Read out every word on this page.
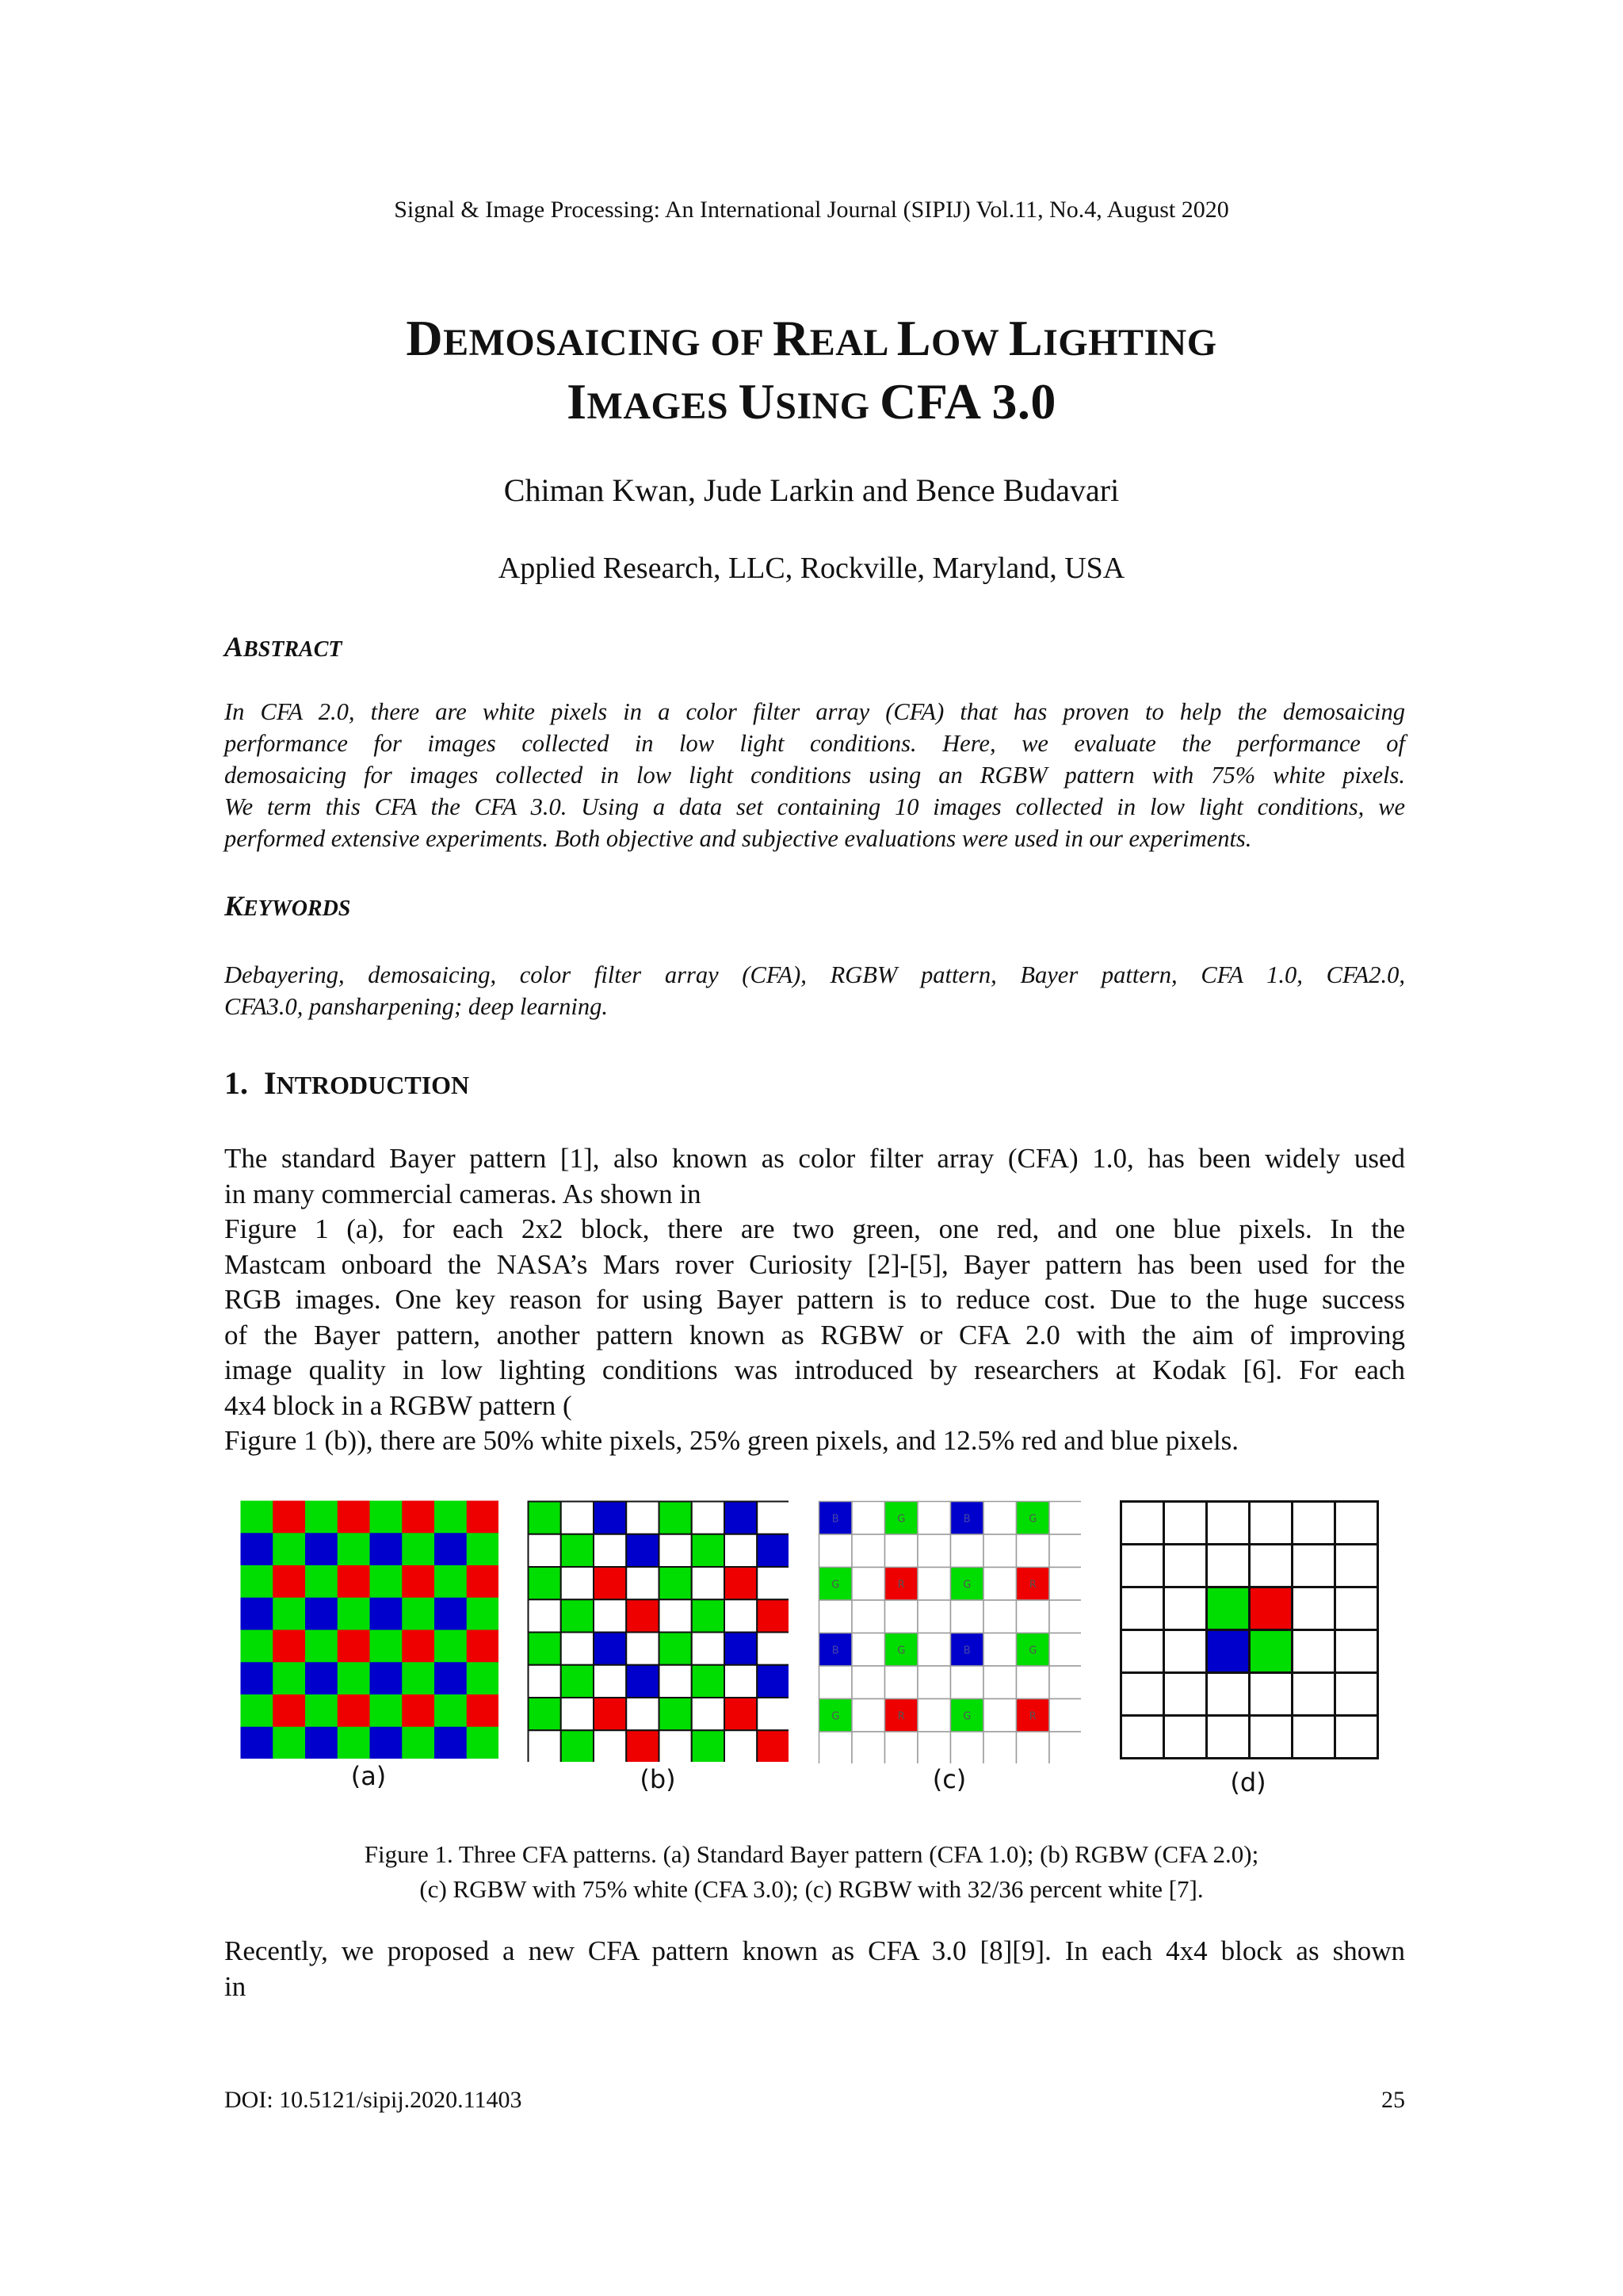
Signal & Image Processing: An International Journal (SIPIJ) Vol.11, No.4, August 2020
DEMOSAICING OF REAL LOW LIGHTING
IMAGES USING CFA 3.0
Chiman Kwan, Jude Larkin and Bence Budavari
Applied Research, LLC, Rockville, Maryland, USA
ABSTRACT
In CFA 2.0, there are white pixels in a color filter array (CFA) that has proven to help the demosaicing
performance for images collected in low light conditions. Here, we evaluate the performance of
demosaicing for images collected in low light conditions using an RGBW pattern with 75% white pixels.
We term this CFA the CFA 3.0. Using a data set containing 10 images collected in low light conditions, we
performed extensive experiments. Both objective and subjective evaluations were used in our experiments.
KEYWORDS
Debayering, demosaicing, color filter array (CFA), RGBW pattern, Bayer pattern, CFA 1.0, CFA2.0,
CFA3.0, pansharpening; deep learning.
1. INTRODUCTION
The standard Bayer pattern [1], also known as color filter array (CFA) 1.0, has been widely used
in many commercial cameras. As shown in
Figure 1 (a), for each 2x2 block, there are two green, one red, and one blue pixels. In the
Mastcam onboard the NASA’s Mars rover Curiosity [2]-[5], Bayer pattern has been used for the
RGB images. One key reason for using Bayer pattern is to reduce cost. Due to the huge success
of the Bayer pattern, another pattern known as RGBW or CFA 2.0 with the aim of improving
image quality in low lighting conditions was introduced by researchers at Kodak [6]. For each
4x4 block in a RGBW pattern (
Figure 1 (b)), there are 50% white pixels, 25% green pixels, and 12.5% red and blue pixels.
B	G	B	G
G	R	G	R
B	G	B	G
G	R	G	R
(a)	(b)	(c)	(d)
Figure 1. Three CFA patterns. (a) Standard Bayer pattern (CFA 1.0); (b) RGBW (CFA 2.0);
(c) RGBW with 75% white (CFA 3.0); (c) RGBW with 32/36 percent white [7].
Recently, we proposed a new CFA pattern known as CFA 3.0 [8][9]. In each 4x4 block as shown
in
DOI: 10.5121/sipij.2020.11403	25
